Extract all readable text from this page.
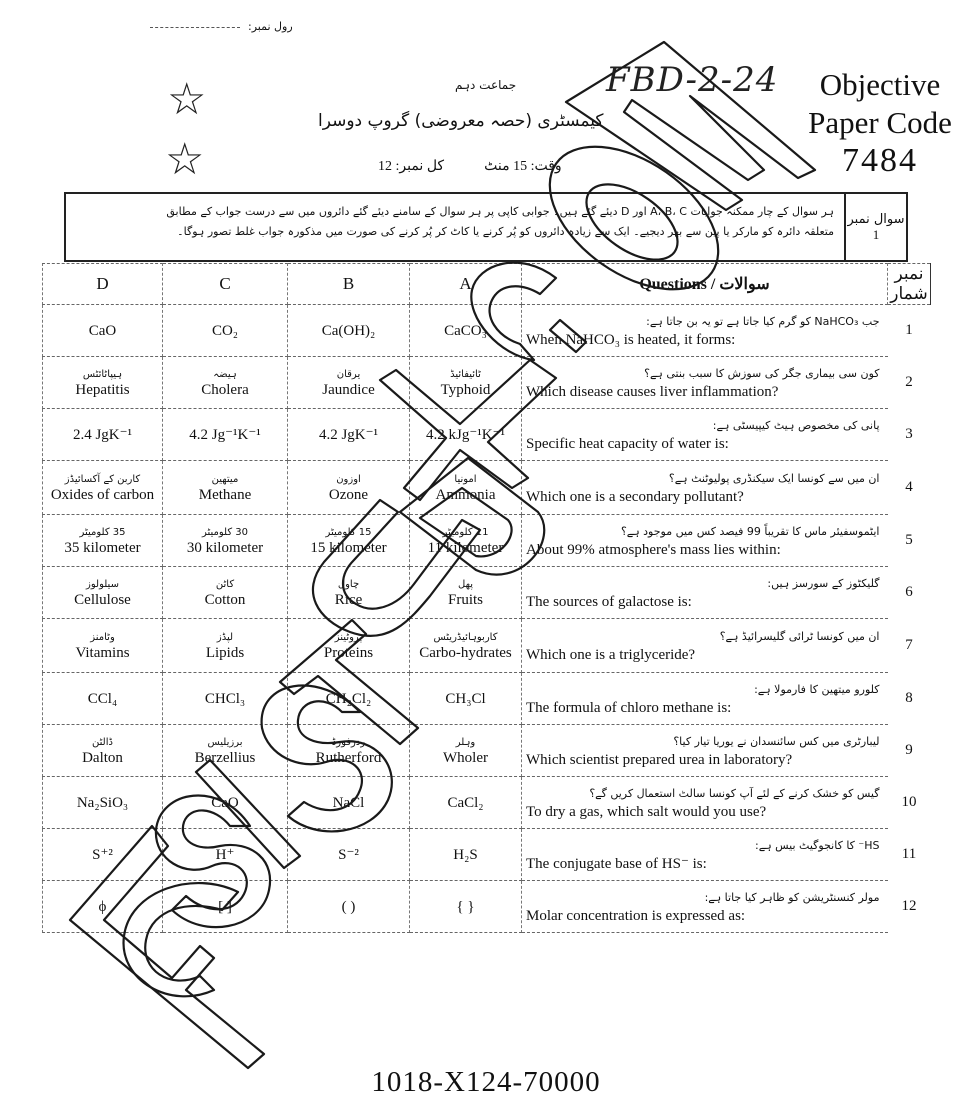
رول نمبر:
☆
☆
جماعت دہم
کیمسٹری (حصہ معروضی) گروپ دوسرا
وقت: 15 منٹ
کل نمبر: 12
FBD-2-24	Objective
Paper Code
7484
ہر سوال کے چار ممکنہ جوابات A، B، C اور D دیئے گئے ہیں۔ جوابی کاپی پر ہر سوال کے سامنے دیئے گئے دائروں میں سے درست جواب کے مطابق
متعلقہ دائرہ کو مارکر یا پین سے بھر دیجیے۔ ایک سے زیادہ دائروں کو پُر کرنے یا کاٹ کر پُر کرنے کی صورت میں مذکورہ جواب غلط تصور ہوگا۔
سوال نمبر
1
D	C	B	A	Questions / سوالات	نمبر شمار

CaO	CO₂	Ca(OH)₂	CaCO₃	جب NaHCO₃ کو گرم کیا جاتا ہے تو یہ بن جاتا ہے:
When NaHCO₃ is heated, it forms:	1

ہیپاٹائٹس
Hepatitis	ہیضہ
Cholera	یرقان
Jaundice	ٹائیفائیڈ
Typhoid	کون سی بیماری جگر کی سوزش کا سبب بنتی ہے؟
Which disease causes liver inflammation?	2

2.4 JgK⁻¹	4.2 Jg⁻¹K⁻¹	4.2 JgK⁻¹	4.2 kJg⁻¹K⁻¹	پانی کی مخصوص ہیٹ کیپیسٹی ہے:
Specific heat capacity of water is:	3

کاربن کے آکسائیڈز
Oxides of carbon	میتھین
Methane	اوزون
Ozone	امونیا
Ammonia	ان میں سے کونسا ایک سیکنڈری پولیوٹنٹ ہے؟
Which one is a secondary pollutant?	4

35 کلومیٹر
35 kilometer	30 کلومیٹر
30 kilometer	15 کلومیٹر
15 kilometer	11 کلومیٹر
11 kilometer	ایٹموسفیئر ماس کا تقریباً 99 فیصد کس میں موجود ہے؟
About 99% atmosphere's mass lies within:	5

سیلولوز
Cellulose	کاٹن
Cotton	چاول
Rice	پھل
Fruits	گلیکٹوز کے سورسز ہیں:
The sources of galactose is:	6

وٹامنز
Vitamins	لپڈز
Lipids	پروٹینز
Proteins	کاربوہائیڈریٹس
Carbo-hydrates	ان میں کونسا ٹرائی گلیسرائیڈ ہے؟
Which one is a triglyceride?	7

CCl₄	CHCl₃	CH₂Cl₂	CH₃Cl	کلورو میتھین کا فارمولا ہے:
The formula of chloro methane is:	8

ڈالٹن
Dalton	برزیلیس
Berzellius	ردرفورڈ
Rutherford	وہلر
Wholer	لیبارٹری میں کس سائنسدان نے یوریا تیار کیا؟
Which scientist prepared urea in laboratory?	9

Na₂SiO₃	CaO	NaCl	CaCl₂	گیس کو خشک کرنے کے لئے آپ کونسا سالٹ استعمال کریں گے؟
To dry a gas, which salt would you use?	10

S⁺²	H⁺	S⁻²	H₂S	HS⁻ کا کانجوگیٹ بیس ہے:
The conjugate base of HS⁻ is:	11

ϕ	[ ]	( )	{ }	مولر کنسنٹریشن کو ظاہر کیا جاتا ہے:
Molar concentration is expressed as:	12
1018-X124-70000
